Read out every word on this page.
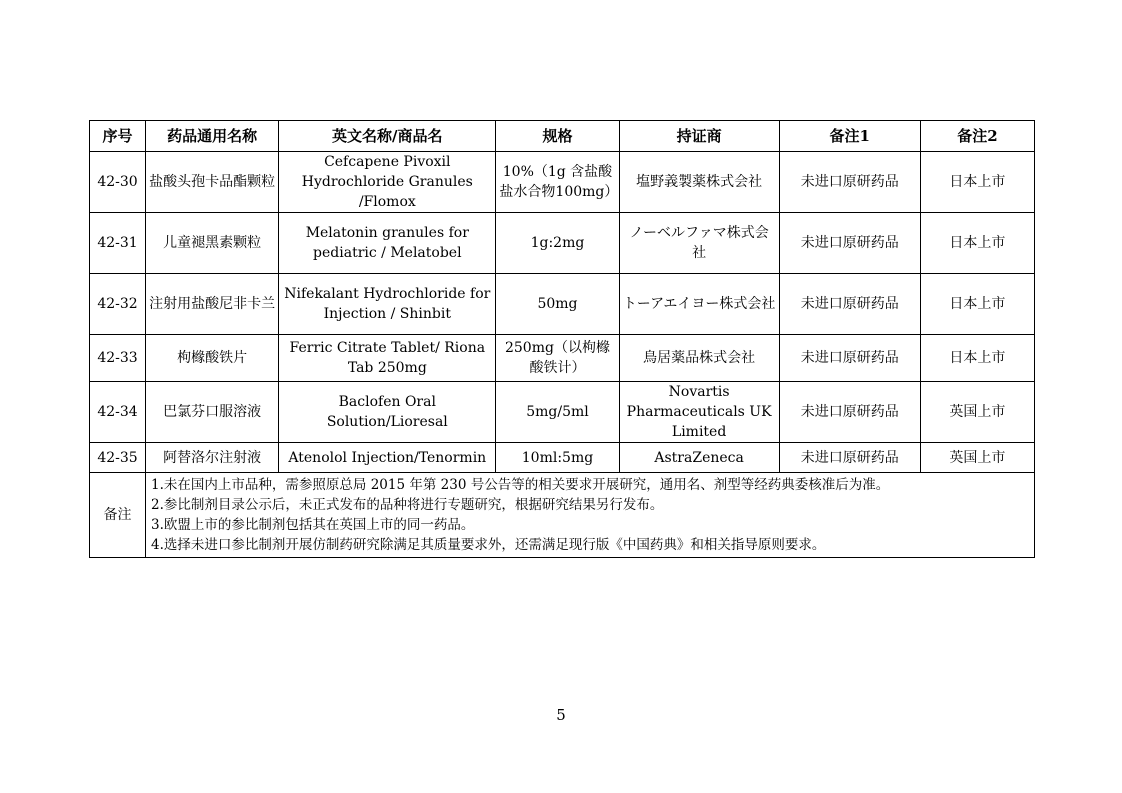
序号	药品通用名称	英文名称/商品名	规格	持证商	备注1	备注2
42-30	盐酸头孢卡品酯颗粒	Cefcapene Pivoxil Hydrochloride Granules /Flomox	10%（1g 含盐酸盐水合物100mg）	塩野義製薬株式会社	未进口原研药品	日本上市
42-31	儿童褪黑素颗粒	Melatonin granules for pediatric / Melatobel	1g:2mg	ノーベルファマ株式会社	未进口原研药品	日本上市
42-32	注射用盐酸尼非卡兰	Nifekalant Hydrochloride for Injection / Shinbit	50mg	トーアエイヨー株式会社	未进口原研药品	日本上市
42-33	枸橼酸铁片	Ferric Citrate Tablet/ Riona Tab 250mg	250mg（以枸橼酸铁计）	鳥居薬品株式会社	未进口原研药品	日本上市
42-34	巴氯芬口服溶液	Baclofen Oral Solution/Lioresal	5mg/5ml	Novartis Pharmaceuticals UK Limited	未进口原研药品	英国上市
42-35	阿替洛尔注射液	Atenolol Injection/Tenormin	10ml:5mg	AstraZeneca	未进口原研药品	英国上市
备注	1.未在国内上市品种，需参照原总局 2015 年第 230 号公告等的相关要求开展研究，通用名、剂型等经药典委核准后为准。
2.参比制剂目录公示后，未正式发布的品种将进行专题研究，根据研究结果另行发布。
3.欧盟上市的参比制剂包括其在英国上市的同一药品。
4.选择未进口参比制剂开展仿制药研究除满足其质量要求外，还需满足现行版《中国药典》和相关指导原则要求。					
5
